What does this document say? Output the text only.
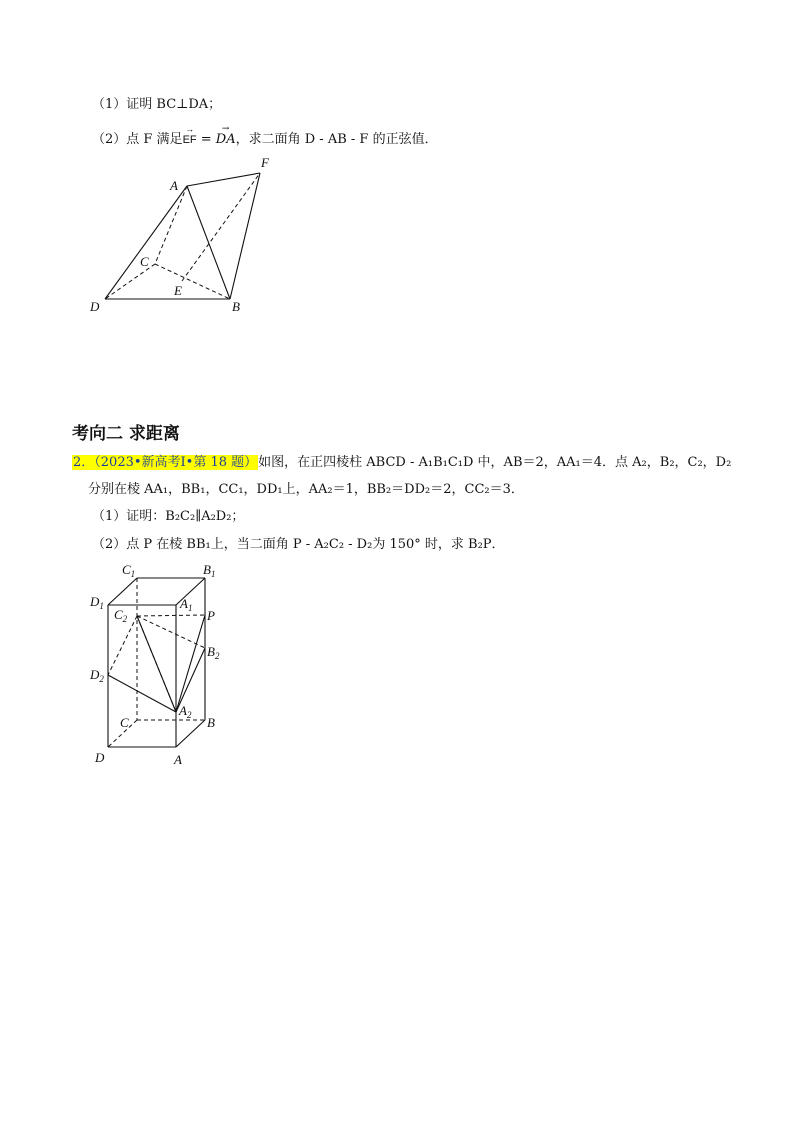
（1）证明 BC⊥DA；
（2）点 F 满足→ EF = → DA，求二面角 D - AB - F 的正弦值．
A
F
C
E
D	B
考向二 求距离
2．（2023•新高考Ⅰ•第 18 题）如图，在正四棱柱 ABCD - A₁B₁C₁D 中，AB＝2，AA₁＝4．点 A₂，B₂，C₂，D₂
分别在棱 AA₁，BB₁，CC₁，DD₁上，AA₂＝1，BB₂＝DD₂＝2，CC₂＝3．
（1）证明：B₂C₂∥A₂D₂；
（2）点 P 在棱 BB₁上，当二面角 P - A₂C₂ - D₂为 150° 时，求 B₂P．
$C_1$	$B_1$
$D_1$	$A_1$
$C_2$	P
$B_2$
$D_2$
$A_2$
C	B
D	A
